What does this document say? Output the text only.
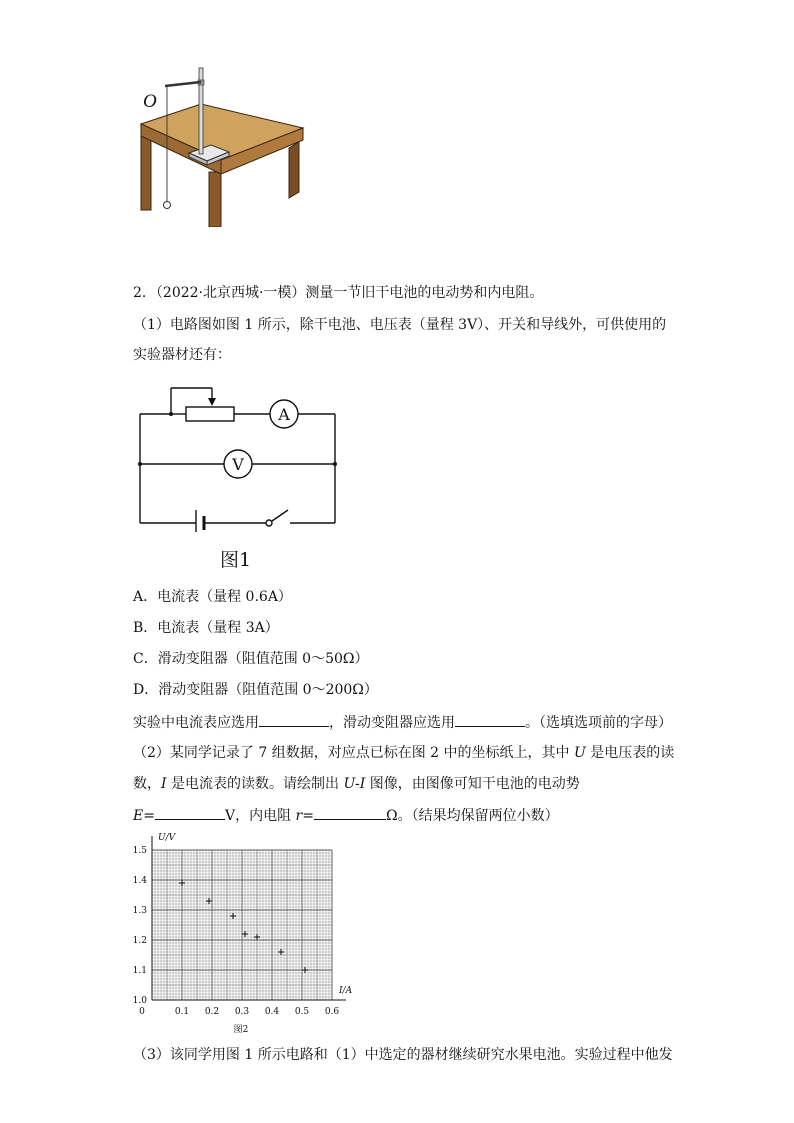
O
2．（2022·北京西城·一模）测量一节旧干电池的电动势和内电阻。
（1）电路图如图 1 所示，除干电池、电压表（量程 3V）、开关和导线外，可供使用的
实验器材还有：
A
V
图1
A．电流表（量程 0.6A）
B．电流表（量程 3A）
C．滑动变阻器（阻值范围 0～50Ω）
D．滑动变阻器（阻值范围 0～200Ω）
实验中电流表应选用	，滑动变阻器应选用	。（选填选项前的字母）
（2）某同学记录了 7 组数据，对应点已标在图 2 中的坐标纸上，其中 U 是电压表的读
数，I 是电流表的读数。请绘制出 U-I 图像，由图像可知干电池的电动势
E=	V，内电阻 r=	Ω。（结果均保留两位小数）
0	0.1 0.2 0.3 0.4 0.5 0.6
1.0
1.1
1.2
1.3
1.4
1.5
U/V
I/A
图2
（3）该同学用图 1 所示电路和（1）中选定的器材继续研究水果电池。实验过程中他发
